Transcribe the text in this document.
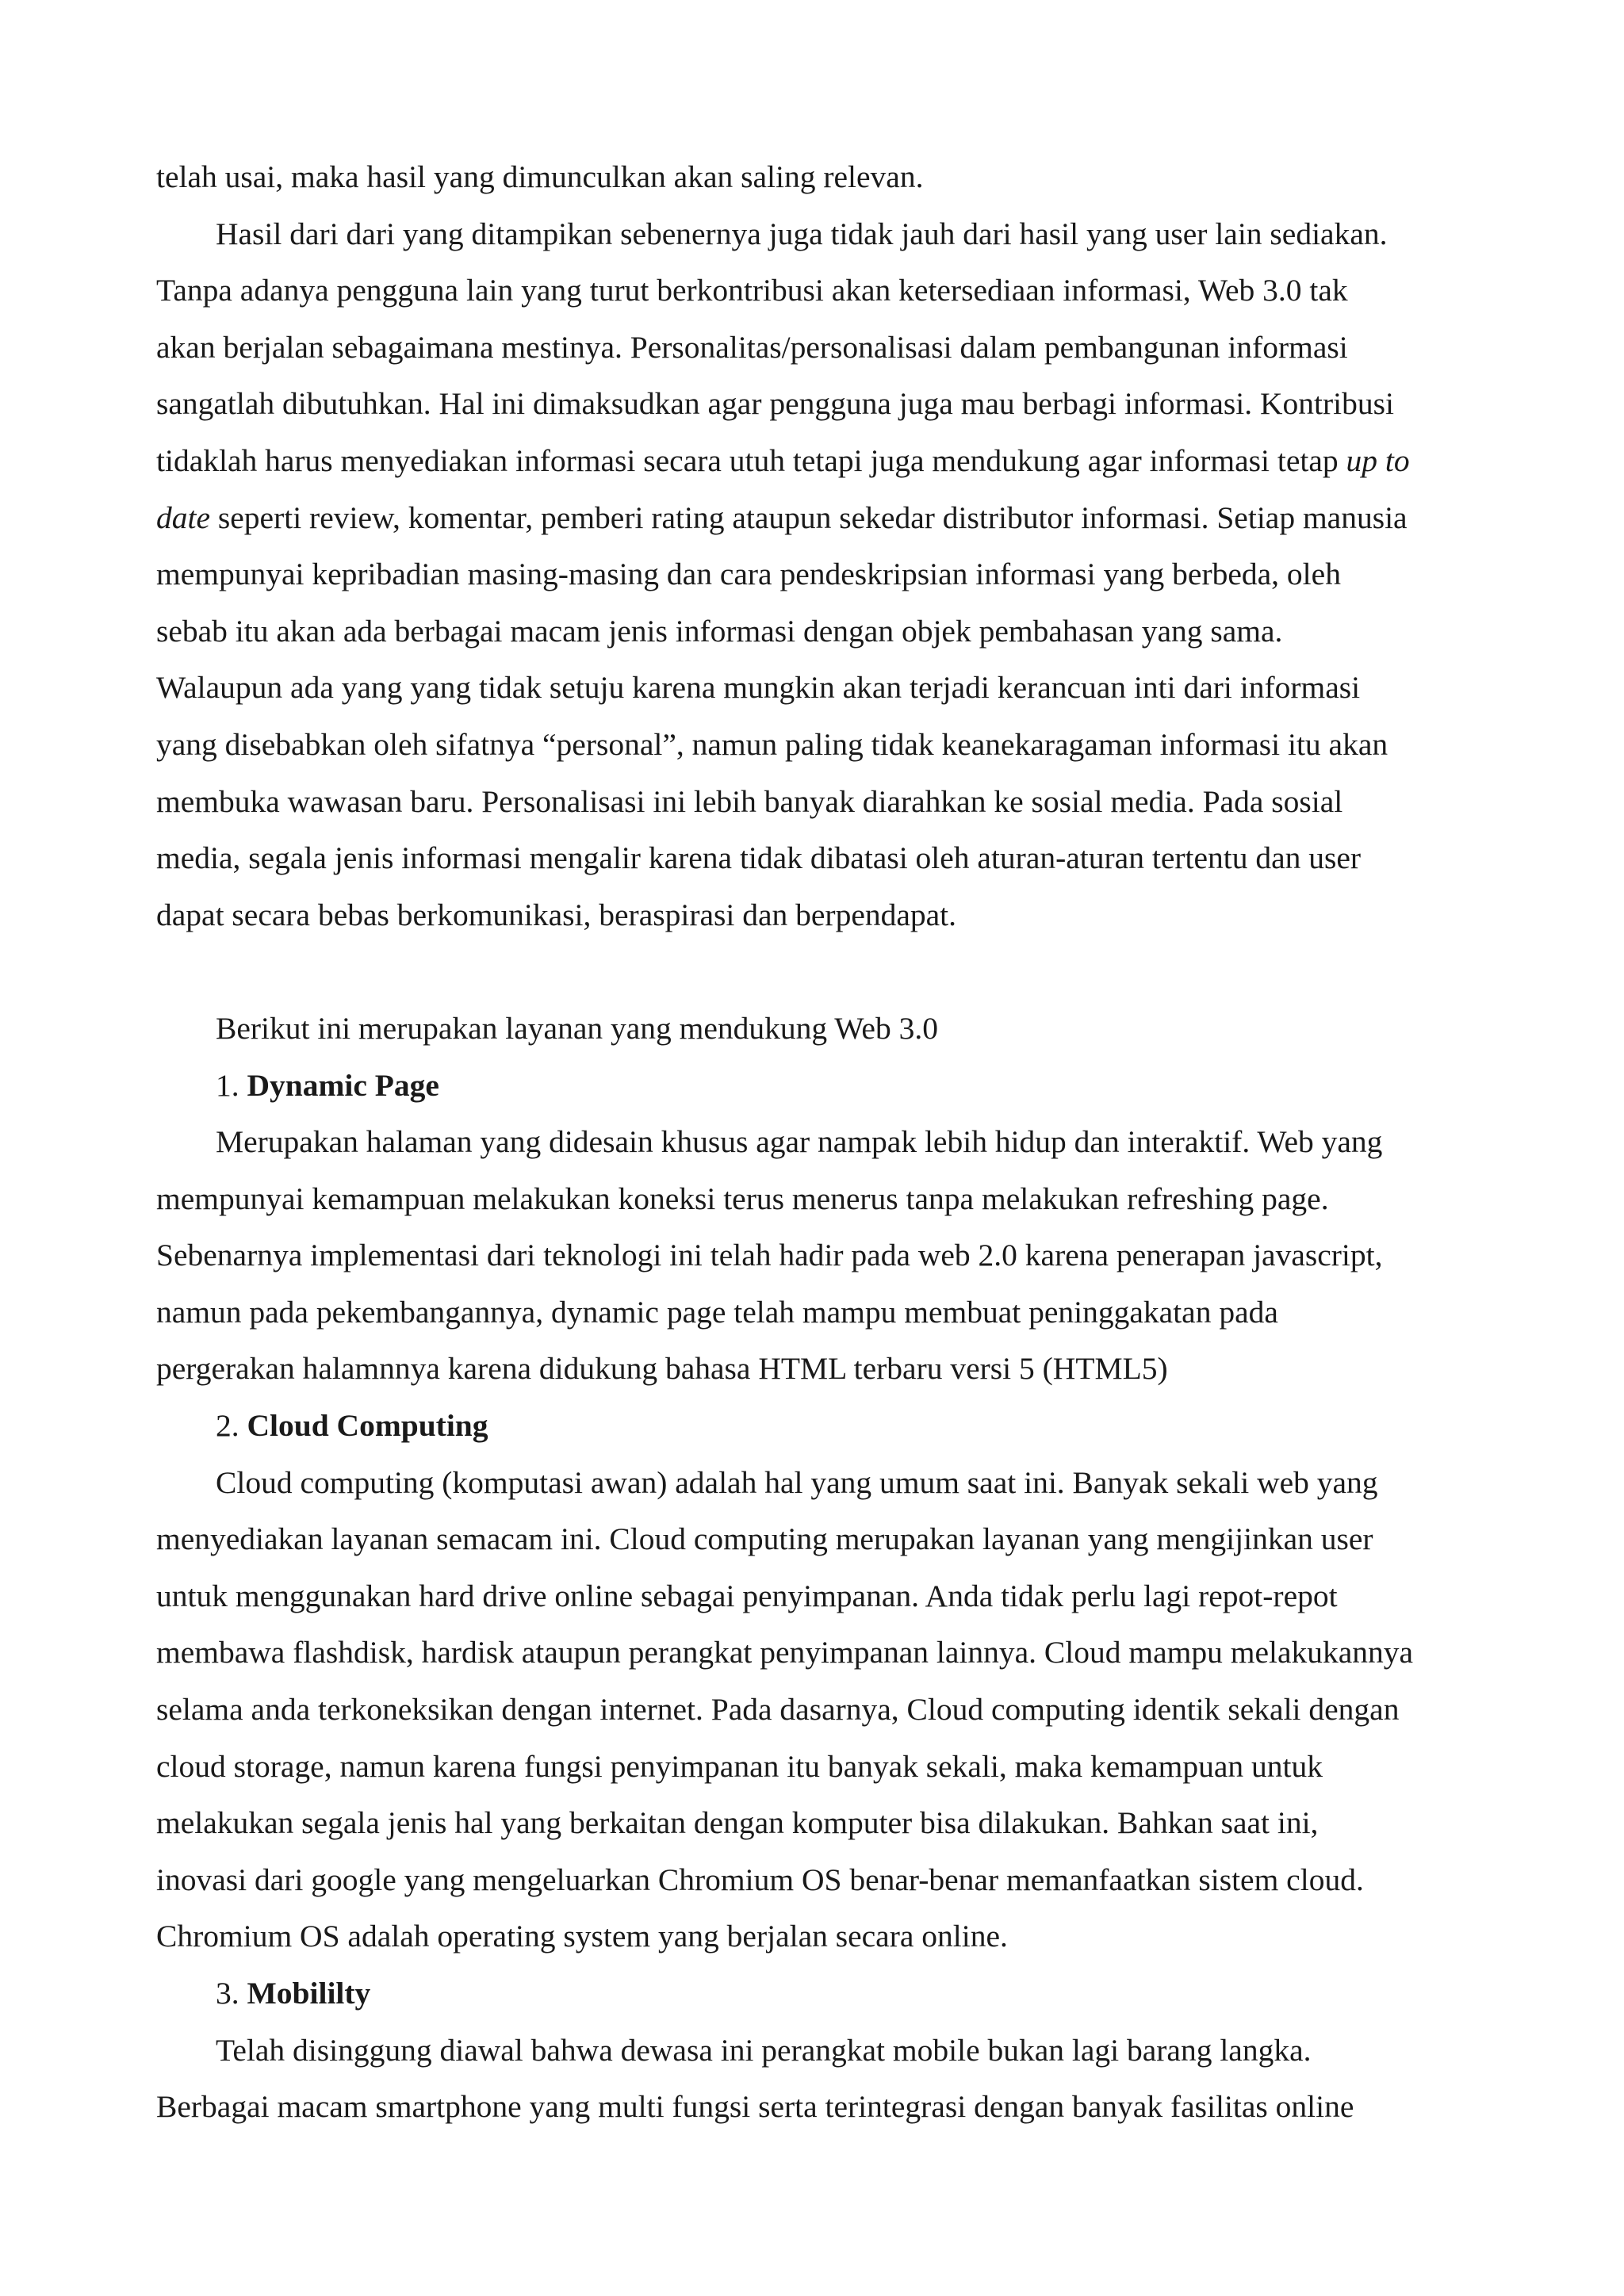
telah usai, maka hasil yang dimunculkan akan saling relevan.
Hasil dari dari yang ditampikan sebenernya juga tidak jauh dari hasil yang user lain sediakan.
Tanpa adanya pengguna lain yang turut berkontribusi akan ketersediaan informasi, Web 3.0 tak
akan berjalan sebagaimana mestinya. Personalitas/personalisasi dalam pembangunan informasi
sangatlah dibutuhkan. Hal ini dimaksudkan agar pengguna juga mau berbagi informasi. Kontribusi
tidaklah harus menyediakan informasi secara utuh tetapi juga mendukung agar informasi tetap up to
date seperti review, komentar, pemberi rating ataupun sekedar distributor informasi. Setiap manusia
mempunyai kepribadian masing-masing dan cara pendeskripsian informasi yang berbeda, oleh
sebab itu akan ada berbagai macam jenis informasi dengan objek pembahasan yang sama.
Walaupun ada yang yang tidak setuju karena mungkin akan terjadi kerancuan inti dari informasi
yang disebabkan oleh sifatnya “personal”, namun paling tidak keanekaragaman informasi itu akan
membuka wawasan baru. Personalisasi ini lebih banyak diarahkan ke sosial media. Pada sosial
media, segala jenis informasi mengalir karena tidak dibatasi oleh aturan-aturan tertentu dan user
dapat secara bebas berkomunikasi, beraspirasi dan berpendapat.
Berikut ini merupakan layanan yang mendukung Web 3.0
1. Dynamic Page
Merupakan halaman yang didesain khusus agar nampak lebih hidup dan interaktif. Web yang
mempunyai kemampuan melakukan koneksi terus menerus tanpa melakukan refreshing page.
Sebenarnya implementasi dari teknologi ini telah hadir pada web 2.0 karena penerapan javascript,
namun pada pekembangannya, dynamic page telah mampu membuat peninggakatan pada
pergerakan halamnnya karena didukung bahasa HTML terbaru versi 5 (HTML5)
2. Cloud Computing
Cloud computing (komputasi awan) adalah hal yang umum saat ini. Banyak sekali web yang
menyediakan layanan semacam ini. Cloud computing merupakan layanan yang mengijinkan user
untuk menggunakan hard drive online sebagai penyimpanan. Anda tidak perlu lagi repot-repot
membawa flashdisk, hardisk ataupun perangkat penyimpanan lainnya. Cloud mampu melakukannya
selama anda terkoneksikan dengan internet. Pada dasarnya, Cloud computing identik sekali dengan
cloud storage, namun karena fungsi penyimpanan itu banyak sekali, maka kemampuan untuk
melakukan segala jenis hal yang berkaitan dengan komputer bisa dilakukan. Bahkan saat ini,
inovasi dari google yang mengeluarkan Chromium OS benar-benar memanfaatkan sistem cloud.
Chromium OS adalah operating system yang berjalan secara online.
3. Mobililty
Telah disinggung diawal bahwa dewasa ini perangkat mobile bukan lagi barang langka.
Berbagai macam smartphone yang multi fungsi serta terintegrasi dengan banyak fasilitas online
